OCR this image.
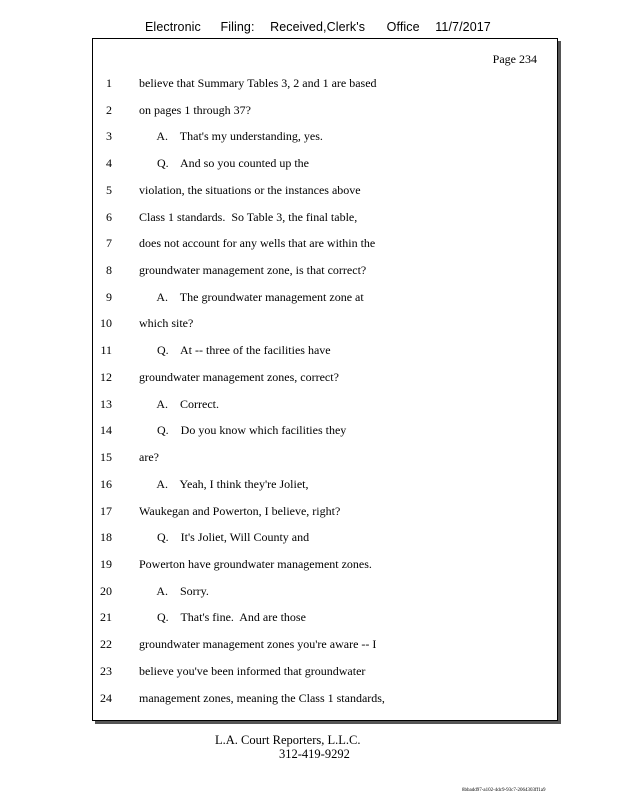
Electronic Filing: Received,Clerk's Office 11/7/2017
Page 234
1 believe that Summary Tables 3, 2 and 1 are based
2 on pages 1 through 37?
3 A.    That's my understanding, yes.
4 Q.    And so you counted up the
5 violation, the situations or the instances above
6 Class 1 standards.  So Table 3, the final table,
7 does not account for any wells that are within the
8 groundwater management zone, is that correct?
9 A.    The groundwater management zone at
10 which site?
11 Q.    At -- three of the facilities have
12 groundwater management zones, correct?
13 A.    Correct.
14 Q.    Do you know which facilities they
15 are?
16 A.    Yeah, I think they're Joliet,
17 Waukegan and Powerton, I believe, right?
18 Q.    It's Joliet, Will County and
19 Powerton have groundwater management zones.
20 A.    Sorry.
21 Q.    That's fine.  And are those
22 groundwater management zones you're aware -- I
23 believe you've been informed that groundwater
24 management zones, meaning the Class 1 standards,
L.A. Court Reporters, L.L.C.
312-419-9292
8bbadd97-a102-4dc9-93c7-2064303ff1a9
